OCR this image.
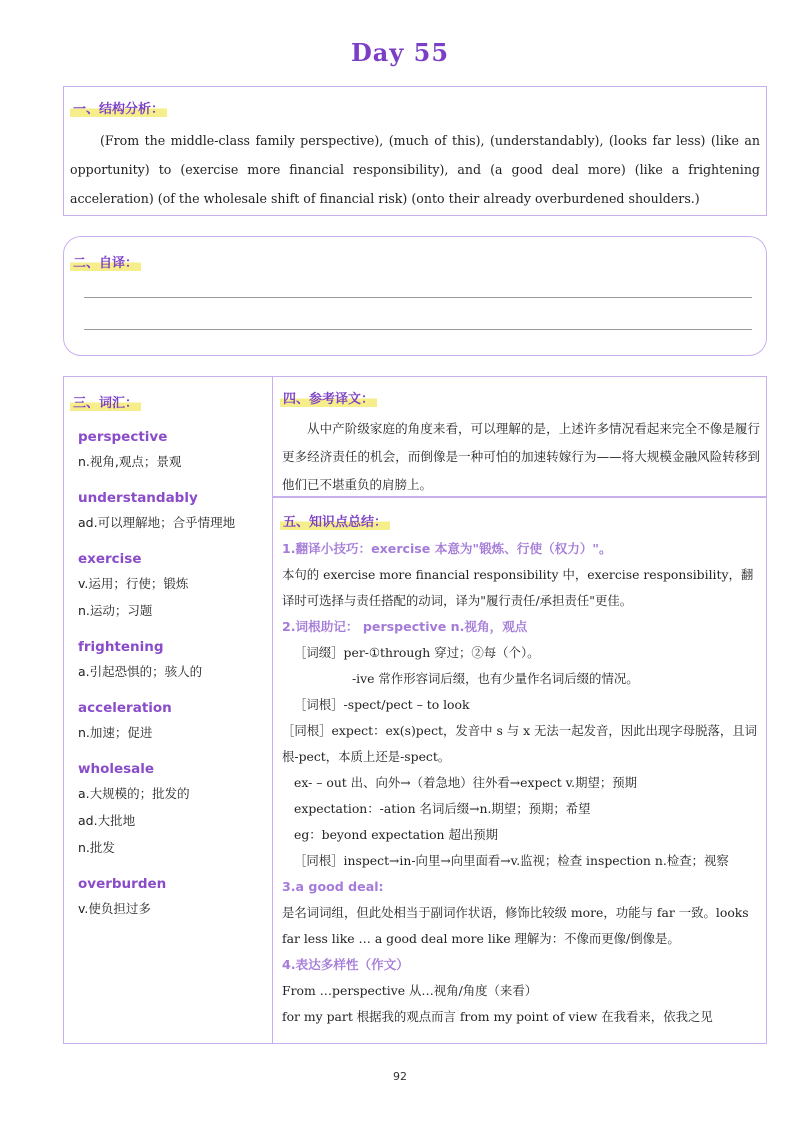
Day 55
一、结构分析：
(From the middle-class family perspective), (much of this), (understandably), (looks far less) (like an opportunity) to (exercise more financial responsibility), and (a good deal more) (like a frightening acceleration) (of the wholesale shift of financial risk) (onto their already overburdened shoulders.)
二、自译：
三、词汇：
perspective
n.视角,观点；景观
understandably
ad.可以理解地；合乎情理地
exercise
v.运用；行使；锻炼
n.运动；习题
frightening
a.引起恐惧的；骇人的
acceleration
n.加速；促进
wholesale
a.大规模的；批发的
ad.大批地
n.批发
overburden
v.使负担过多
四、参考译文：
从中产阶级家庭的角度来看，可以理解的是，上述许多情况看起来完全不像是履行更多经济责任的机会，而倒像是一种可怕的加速转嫁行为——将大规模金融风险转移到他们已不堪重负的肩膀上。
五、知识点总结：
1.翻译小技巧：exercise 本意为"锻炼、行使（权力）"。
本句的 exercise more financial responsibility 中，exercise responsibility，翻译时可选择与责任搭配的动词，译为"履行责任/承担责任"更佳。
2.词根助记： perspective n.视角，观点
［词缀］per-①through 穿过；②每（个）。
-ive 常作形容词后缀，也有少量作名词后缀的情况。
［词根］-spect/pect – to look
［同根］expect：ex(s)pect，发音中 s 与 x 无法一起发音，因此出现字母脱落，且词根-pect，本质上还是-spect。
ex- – out 出、向外→（着急地）往外看→expect v.期望；预期
expectation：-ation 名词后缀→n.期望；预期；希望
eg：beyond expectation 超出预期
［同根］inspect→in-向里→向里面看→v.监视；检查 inspection n.检查；视察
3.a good deal:
是名词词组，但此处相当于副词作状语，修饰比较级 more，功能与 far 一致。looks far less like … a good deal more like 理解为：不像而更像/倒像是。
4.表达多样性（作文）
From …perspective 从…视角/角度（来看）
for my part 根据我的观点而言 from my point of view 在我看来，依我之见
92
